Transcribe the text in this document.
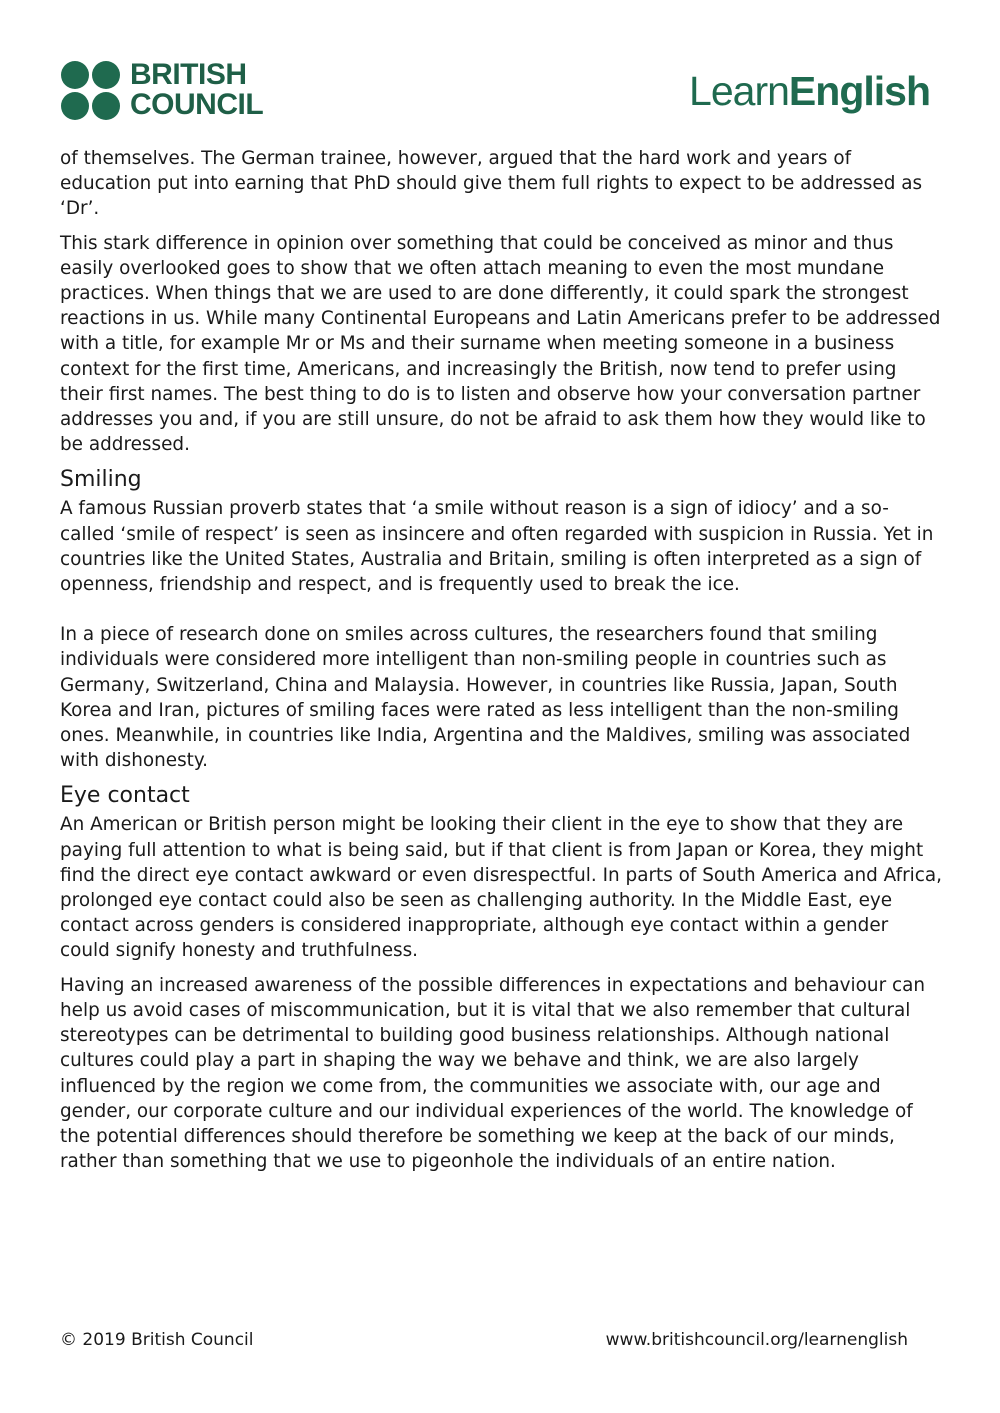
BRITISH
COUNCIL	LearnEnglish

of themselves. The German trainee, however, argued that the hard work and years of education put into earning that PhD should give them full rights to expect to be addressed as ‘Dr’.

This stark difference in opinion over something that could be conceived as minor and thus easily overlooked goes to show that we often attach meaning to even the most mundane practices. When things that we are used to are done differently, it could spark the strongest reactions in us. While many Continental Europeans and Latin Americans prefer to be addressed with a title, for example Mr or Ms and their surname when meeting someone in a business context for the first time, Americans, and increasingly the British, now tend to prefer using their first names. The best thing to do is to listen and observe how your conversation partner addresses you and, if you are still unsure, do not be afraid to ask them how they would like to be addressed.

Smiling

A famous Russian proverb states that ‘a smile without reason is a sign of idiocy’ and a so-called ‘smile of respect’ is seen as insincere and often regarded with suspicion in Russia. Yet in countries like the United States, Australia and Britain, smiling is often interpreted as a sign of openness, friendship and respect, and is frequently used to break the ice.

In a piece of research done on smiles across cultures, the researchers found that smiling individuals were considered more intelligent than non-smiling people in countries such as Germany, Switzerland, China and Malaysia. However, in countries like Russia, Japan, South Korea and Iran, pictures of smiling faces were rated as less intelligent than the non-smiling ones. Meanwhile, in countries like India, Argentina and the Maldives, smiling was associated with dishonesty.

Eye contact

An American or British person might be looking their client in the eye to show that they are paying full attention to what is being said, but if that client is from Japan or Korea, they might find the direct eye contact awkward or even disrespectful. In parts of South America and Africa, prolonged eye contact could also be seen as challenging authority. In the Middle East, eye contact across genders is considered inappropriate, although eye contact within a gender could signify honesty and truthfulness.

Having an increased awareness of the possible differences in expectations and behaviour can help us avoid cases of miscommunication, but it is vital that we also remember that cultural stereotypes can be detrimental to building good business relationships. Although national cultures could play a part in shaping the way we behave and think, we are also largely influenced by the region we come from, the communities we associate with, our age and gender, our corporate culture and our individual experiences of the world. The knowledge of the potential differences should therefore be something we keep at the back of our minds, rather than something that we use to pigeonhole the individuals of an entire nation.

© 2019 British Council	www.britishcouncil.org/learnenglish
